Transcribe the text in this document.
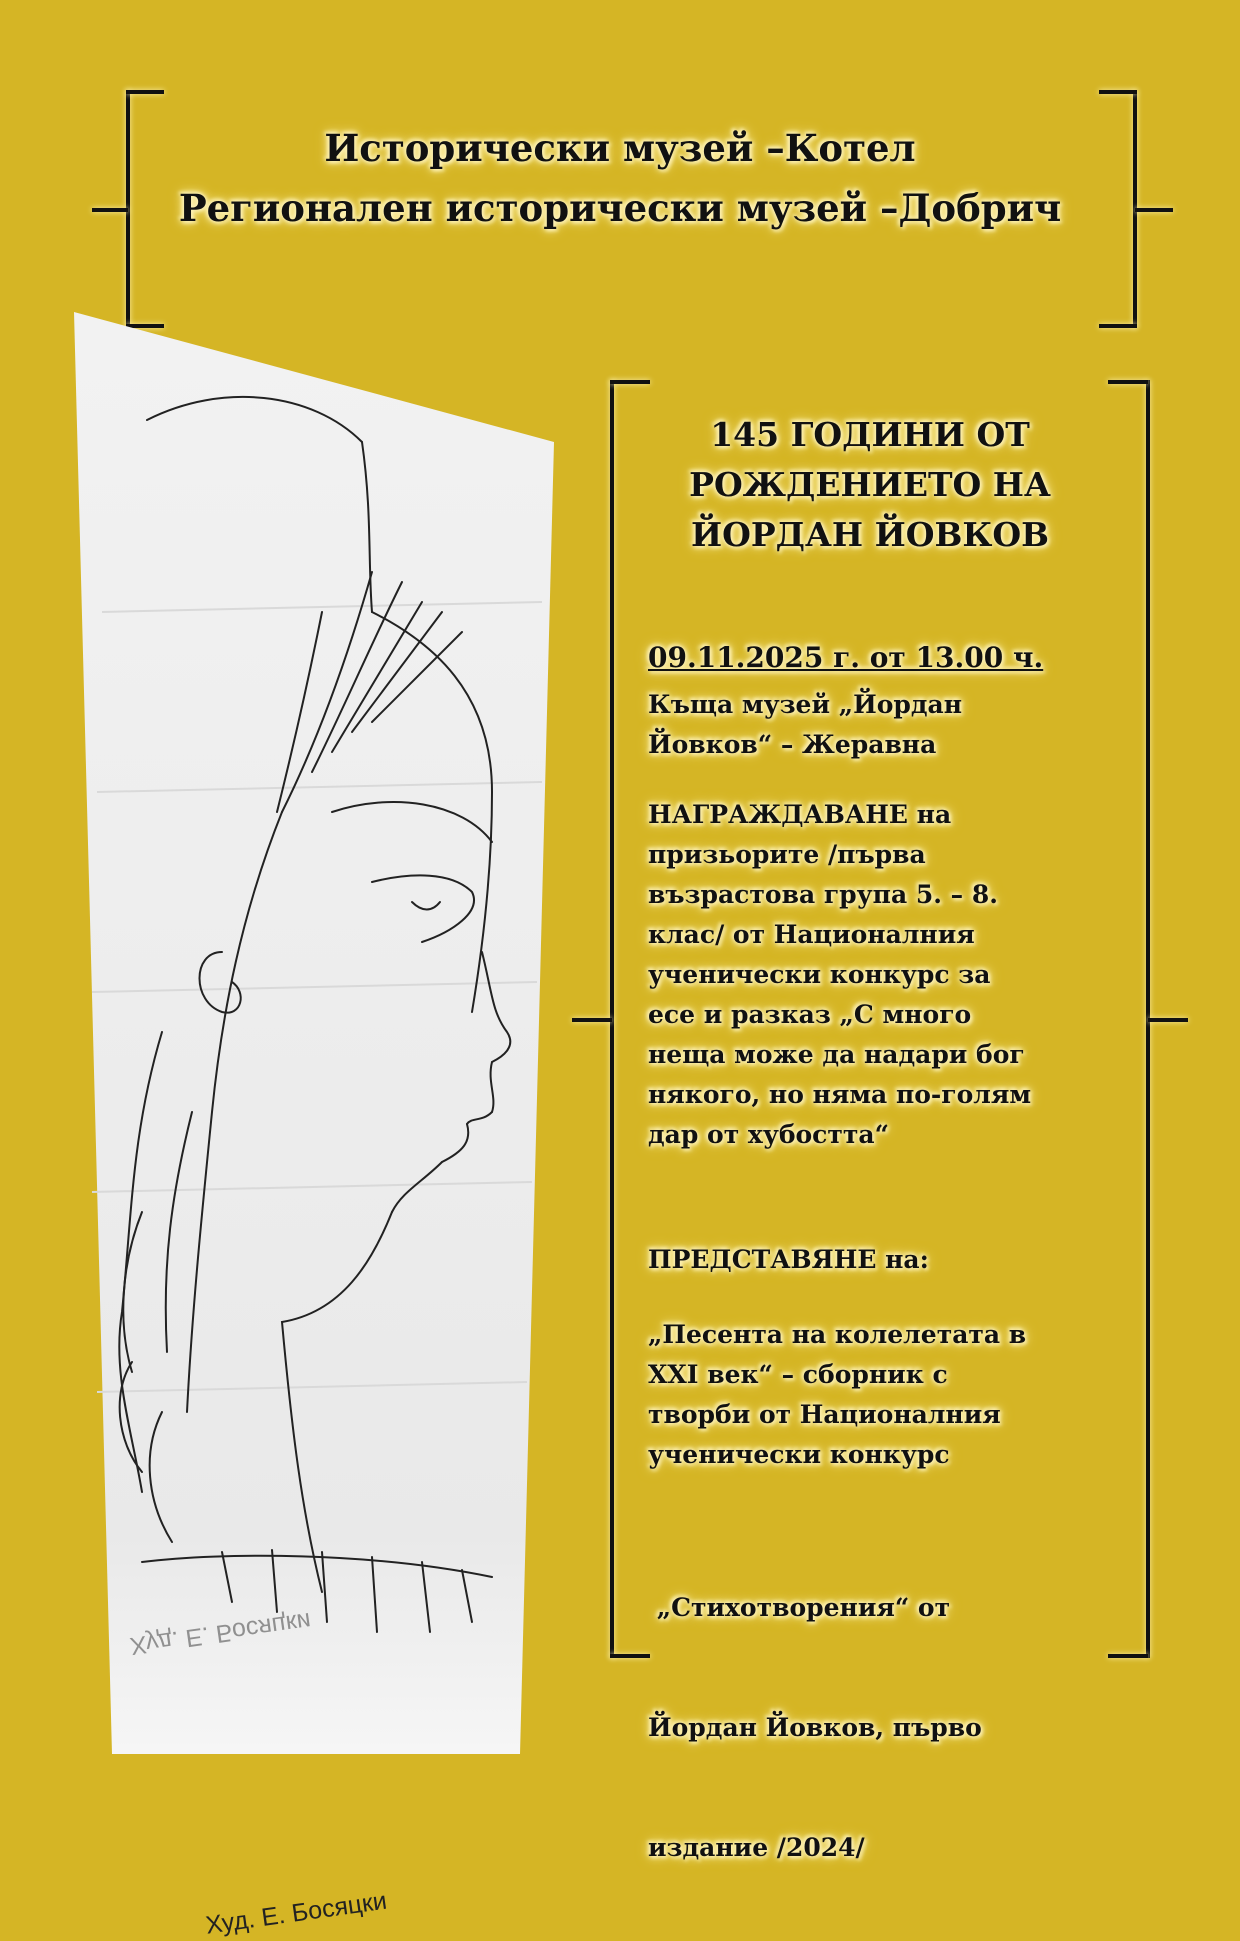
Исторически музей –Котел
Регионален исторически музей –Добрич
Худ. Е. Босяцки
Худ. Е. Босяцки
145 ГОДИНИ ОТ
РОЖДЕНИЕТО НА
ЙОРДАН ЙОВКОВ
09.11.2025 г. от 13.00 ч.
Къща музей „Йордан
Йовков“ – Жеравна
НАГРАЖДАВАНЕ на
призьорите /първа
възрастова група 5. – 8.
клас/ от Националния
ученически конкурс за
есе и разказ „С много
неща може да надари бог
някого, но няма по-голям
дар от хубостта“
ПРЕДСТАВЯНЕ на:
„Песента на колелетата в
XXI век“ – сборник с
творби от Националния
ученически конкурс

„Стихотворения“ от

Йордан Йовков, първо

издание /2024/
